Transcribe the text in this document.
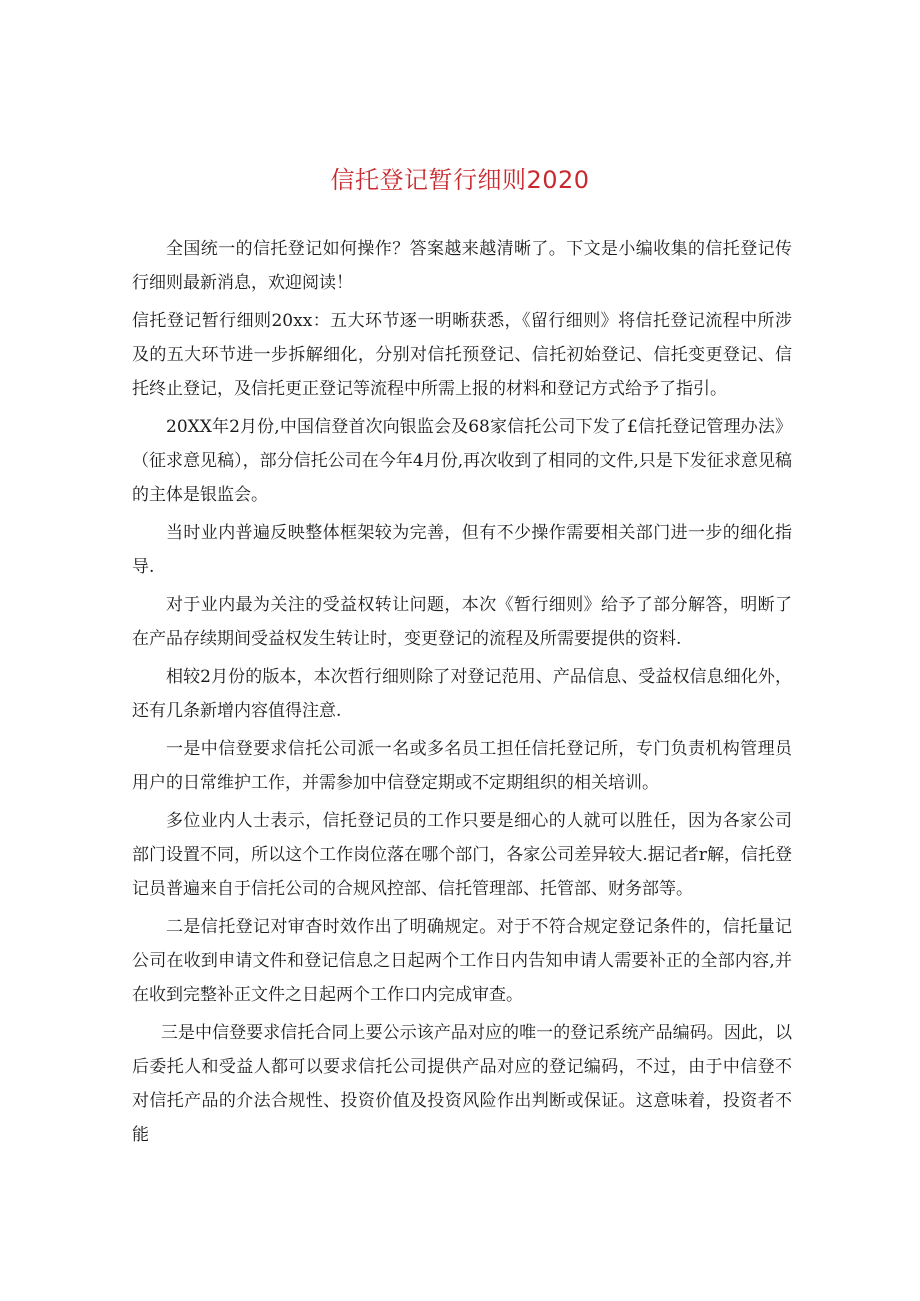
信托登记暂行细则2020

全国统一的信托登记如何操作？答案越来越清晰了。下文是小编收集的信托登记传行细则最新消息，欢迎阅读！

信托登记暂行细则20xx：五大环节逐一明晰获悉，《留行细则》将信托登记流程中所涉及的五大环节进一步拆解细化，分别对信托预登记、信托初始登记、信托变更登记、信托终止登记，及信托更正登记等流程中所需上报的材料和登记方式给予了指引。

20XX年2月份,中国信登首次向银监会及68家信托公司下发了£信托登记管理办法》（征求意见稿），部分信托公司在今年4月份,再次收到了相同的文件,只是下发征求意见稿的主体是银监会。

当时业内普遍反映整体框架较为完善，但有不少操作需要相关部门进一步的细化指导.

对于业内最为关注的受益权转让问题，本次《暂行细则》给予了部分解答，明断了在产品存续期间受益权发生转让时，变更登记的流程及所需要提供的资料.

相较2月份的版本，本次哲行细则除了对登记范用、产品信息、受益权信息细化外，还有几条新增内容值得注意.

一是中信登要求信托公司派一名或多名员工担任信托登记所，专门负责机构管理员用户的日常维护工作，并需参加中信登定期或不定期组织的相关培训。

多位业内人士表示，信托登记员的工作只要是细心的人就可以胜任，因为各家公司部门设置不同，所以这个工作岗位落在哪个部门，各家公司差异较大.据记者r解，信托登记员普遍来自于信托公司的合规风控部、信托管理部、托管部、财务部等。

二是信托登记对审杳时效作出了明确规定。对于不符合规定登记条件的，信托量记公司在收到申请文件和登记信息之日起两个工作日内告知申请人需要补正的全部内容,并在收到完整补正文件之日起两个工作口内完成审查。

三是中信登要求信托合同上要公示该产品对应的唯一的登记系统产品编码。因此，以后委托人和受益人都可以要求信托公司提供产品对应的登记编码，不过，由于中信登不对信托产品的介法合规性、投资价值及投资风险作出判断或保证。这意味着，投资者不能
